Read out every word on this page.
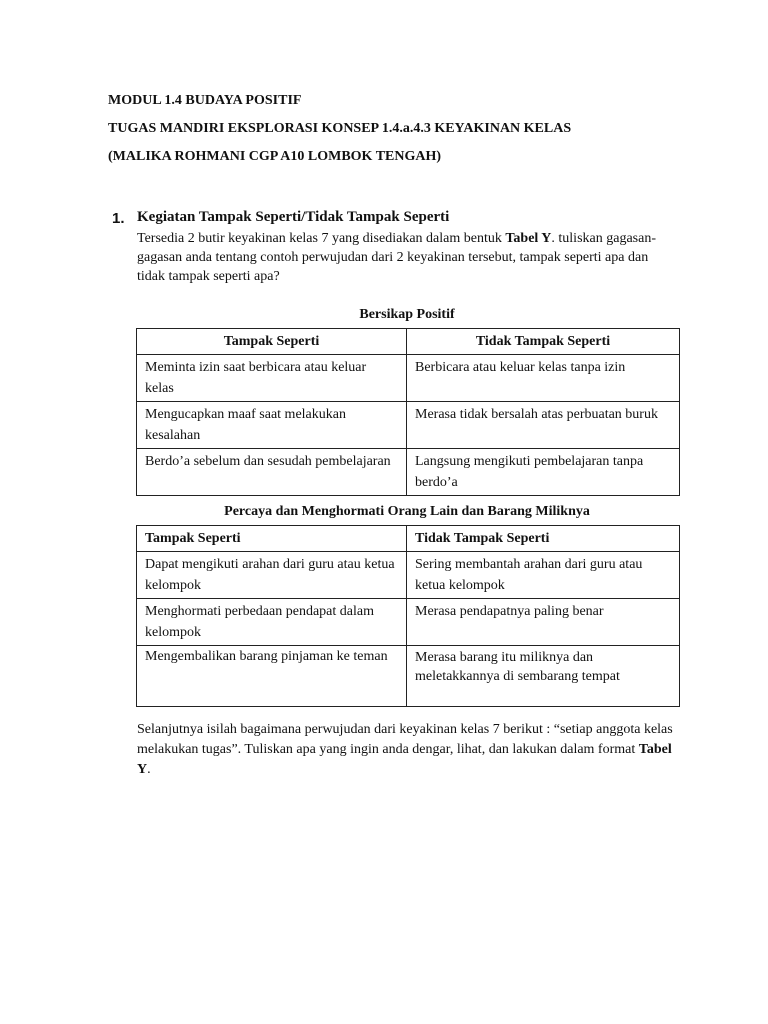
MODUL 1.4 BUDAYA POSITIF
TUGAS MANDIRI EKSPLORASI KONSEP 1.4.a.4.3 KEYAKINAN KELAS
(MALIKA ROHMANI CGP A10 LOMBOK TENGAH)
1. Kegiatan Tampak Seperti/Tidak Tampak Seperti
Tersedia 2 butir keyakinan kelas 7 yang disediakan dalam bentuk Tabel Y. tuliskan gagasan-gagasan anda tentang contoh perwujudan dari 2 keyakinan tersebut, tampak seperti apa dan tidak tampak seperti apa?
Bersikap Positif
Tampak Seperti	Tidak Tampak Seperti
Meminta izin saat berbicara atau keluar kelas	Berbicara atau keluar kelas tanpa izin
Mengucapkan maaf saat melakukan kesalahan	Merasa tidak bersalah atas perbuatan buruk
Berdo’a sebelum dan sesudah pembelajaran	Langsung mengikuti pembelajaran tanpa berdo’a
Percaya dan Menghormati Orang Lain dan Barang Miliknya
Tampak Seperti	Tidak Tampak Seperti
Dapat mengikuti arahan dari guru atau ketua kelompok	Sering membantah arahan dari guru atau ketua kelompok
Menghormati perbedaan pendapat dalam kelompok	Merasa pendapatnya paling benar
Mengembalikan barang pinjaman ke teman	Merasa barang itu miliknya dan meletakkannya di sembarang tempat
Selanjutnya isilah bagaimana perwujudan dari keyakinan kelas 7 berikut : “setiap anggota kelas melakukan tugas”. Tuliskan apa yang ingin anda dengar, lihat, dan lakukan dalam format Tabel Y.
